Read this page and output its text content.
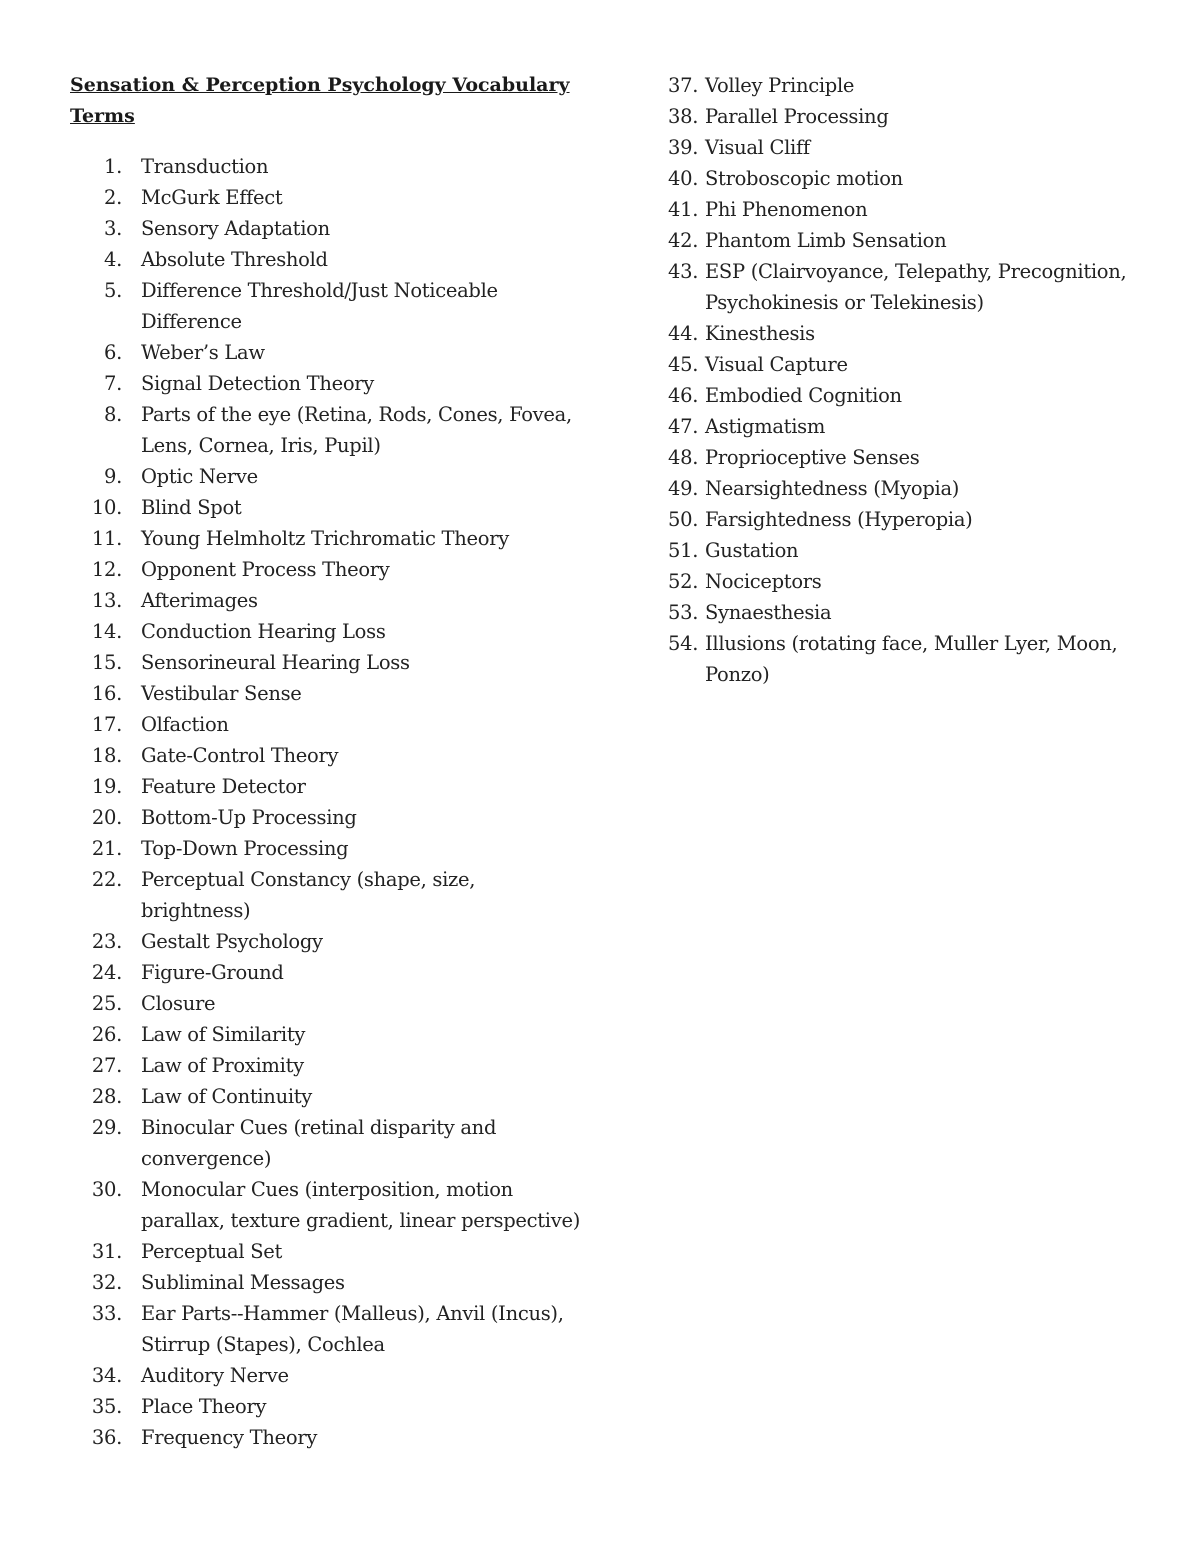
Sensation & Perception Psychology Vocabulary Terms
1. Transduction
2. McGurk Effect
3. Sensory Adaptation
4. Absolute Threshold
5. Difference Threshold/Just Noticeable Difference
6. Weber’s Law
7. Signal Detection Theory
8. Parts of the eye (Retina, Rods, Cones, Fovea, Lens, Cornea, Iris, Pupil)
9. Optic Nerve
10. Blind Spot
11. Young Helmholtz Trichromatic Theory
12. Opponent Process Theory
13. Afterimages
14. Conduction Hearing Loss
15. Sensorineural Hearing Loss
16. Vestibular Sense
17. Olfaction
18. Gate-Control Theory
19. Feature Detector
20. Bottom-Up Processing
21. Top-Down Processing
22. Perceptual Constancy (shape, size, brightness)
23. Gestalt Psychology
24. Figure-Ground
25. Closure
26. Law of Similarity
27. Law of Proximity
28. Law of Continuity
29. Binocular Cues (retinal disparity and convergence)
30. Monocular Cues (interposition, motion parallax, texture gradient, linear perspective)
31. Perceptual Set
32. Subliminal Messages
33. Ear Parts--Hammer (Malleus), Anvil (Incus), Stirrup (Stapes), Cochlea
34. Auditory Nerve
35. Place Theory
36. Frequency Theory
37. Volley Principle
38. Parallel Processing
39. Visual Cliff
40. Stroboscopic motion
41. Phi Phenomenon
42. Phantom Limb Sensation
43. ESP (Clairvoyance, Telepathy, Precognition, Psychokinesis or Telekinesis)
44. Kinesthesis
45. Visual Capture
46. Embodied Cognition
47. Astigmatism
48. Proprioceptive Senses
49. Nearsightedness (Myopia)
50. Farsightedness (Hyperopia)
51. Gustation
52. Nociceptors
53. Synaesthesia
54. Illusions (rotating face, Muller Lyer, Moon, Ponzo)
